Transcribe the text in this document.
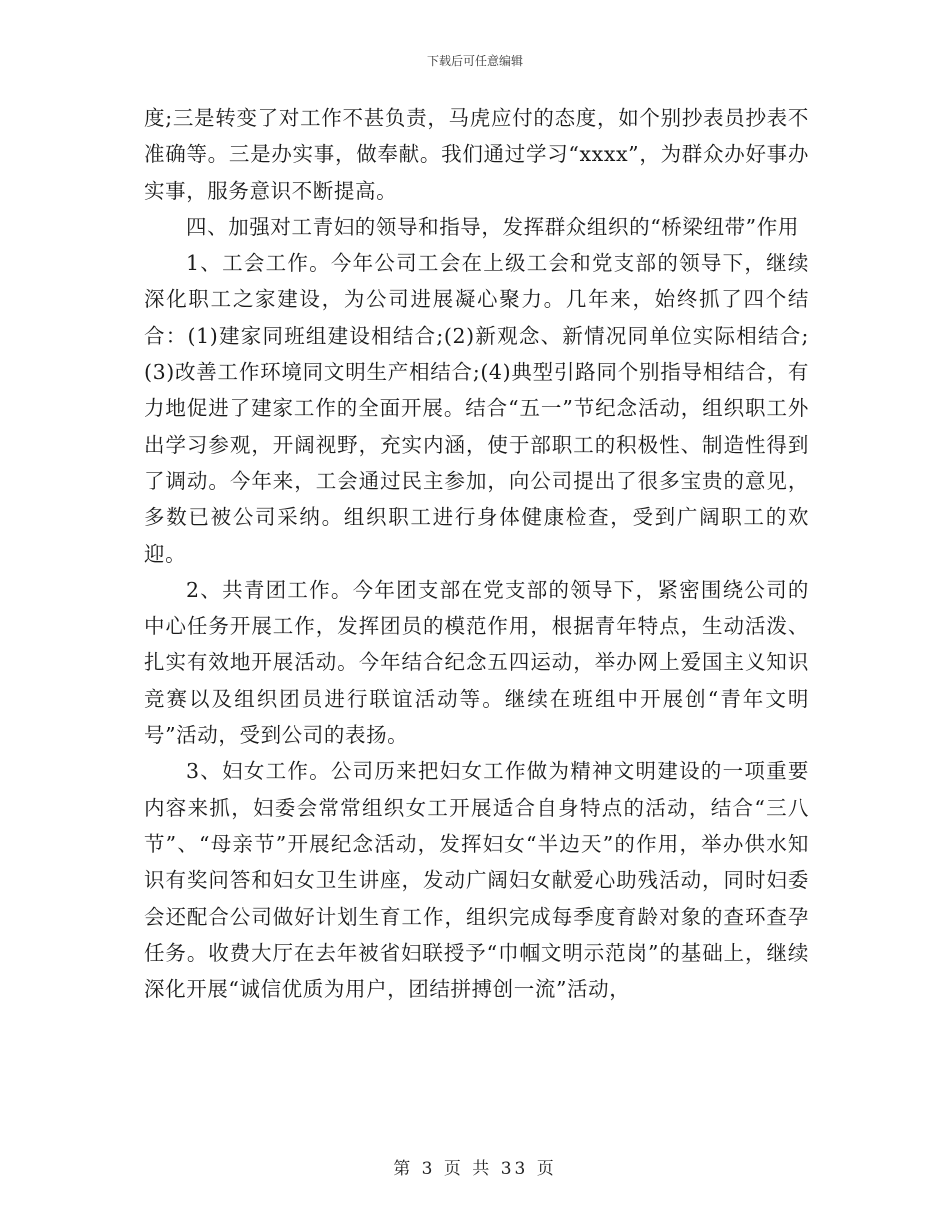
下载后可任意编辑

度;三是转变了对工作不甚负责，马虎应付的态度，如个别抄表员抄表不准确等。三是办实事，做奉献。我们通过学习“xxxx”，为群众办好事办实事，服务意识不断提高。

四、加强对工青妇的领导和指导，发挥群众组织的“桥梁纽带”作用

1、工会工作。今年公司工会在上级工会和党支部的领导下，继续深化职工之家建设，为公司进展凝心聚力。几年来，始终抓了四个结合：(1)建家同班组建设相结合;(2)新观念、新情况同单位实际相结合;(3)改善工作环境同文明生产相结合;(4)典型引路同个别指导相结合，有力地促进了建家工作的全面开展。结合“五一”节纪念活动，组织职工外出学习参观，开阔视野，充实内涵，使于部职工的积极性、制造性得到了调动。今年来，工会通过民主参加，向公司提出了很多宝贵的意见，多数已被公司采纳。组织职工进行身体健康检查，受到广阔职工的欢迎。

2、共青团工作。今年团支部在党支部的领导下，紧密围绕公司的中心任务开展工作，发挥团员的模范作用，根据青年特点，生动活泼、扎实有效地开展活动。今年结合纪念五四运动，举办网上爱国主义知识竞赛以及组织团员进行联谊活动等。继续在班组中开展创“青年文明号”活动，受到公司的表扬。

3、妇女工作。公司历来把妇女工作做为精神文明建设的一项重要内容来抓，妇委会常常组织女工开展适合自身特点的活动，结合“三八节”、“母亲节”开展纪念活动，发挥妇女“半边天”的作用，举办供水知识有奖问答和妇女卫生讲座，发动广阔妇女献爱心助残活动，同时妇委会还配合公司做好计划生育工作，组织完成每季度育龄对象的查环查孕任务。收费大厅在去年被省妇联授予“巾帼文明示范岗”的基础上，继续深化开展“诚信优质为用户，团结拼搏创一流”活动，

第 3 页 共 33 页
